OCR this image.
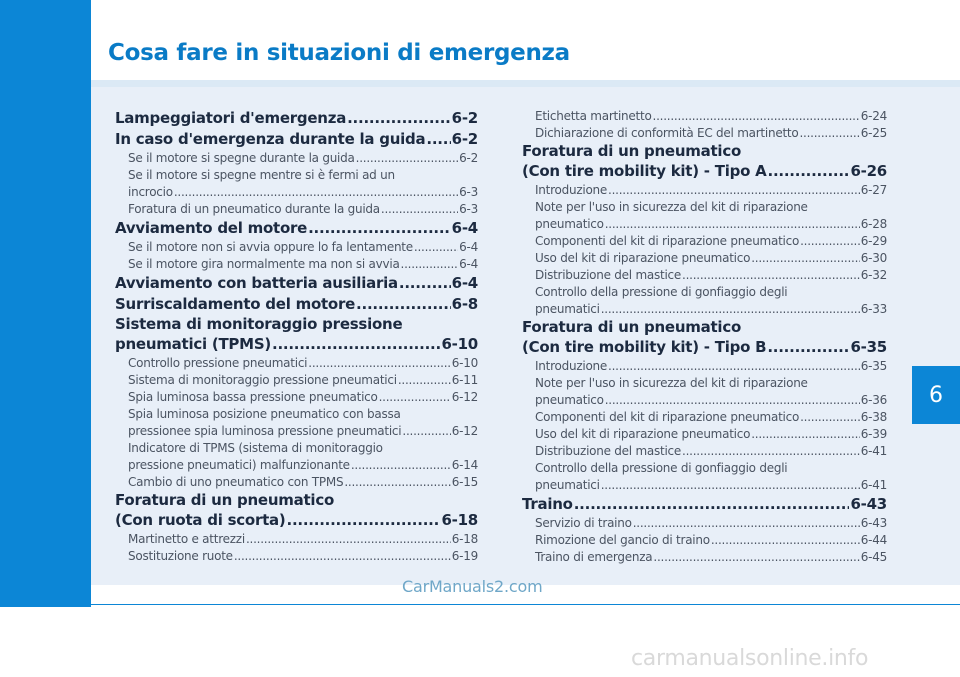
Cosa fare in situazioni di emergenza
6
CarManuals2.com
carmanualsonline.info
Lampeggiatori d'emergenza .....	6-2
In caso d'emergenza durante la guida ..... 6-2
Se il motore si spegne durante la guida .....	6-2
Se il motore si spegne mentre si è fermi ad un
incrocio .....	6-3
Foratura di un pneumatico durante la guida .....	6-3
Avviamento del motore .....	6-4
Se il motore non si avvia oppure lo fa lentamente .....	6-4
Se il motore gira normalmente ma non si avvia .....	6-4
Avviamento con batteria ausiliaria .....	6-4
Surriscaldamento del motore .....	6-8
Sistema di monitoraggio pressione
pneumatici (TPMS) .....	6-10
Controllo pressione pneumatici .....	6-10
Sistema di monitoraggio pressione pneumatici .....	6-11
Spia luminosa bassa pressione pneumatico .....	6-12
Spia luminosa posizione pneumatico con bassa
pressionee spia luminosa pressione pneumatici .....	6-12
Indicatore di TPMS (sistema di monitoraggio
pressione pneumatici) malfunzionante .....	6-14
Cambio di uno pneumatico con TPMS .....	6-15
Foratura di un pneumatico
(Con ruota di scorta) .....	6-18
Martinetto e attrezzi .....	6-18
Sostituzione ruote .....	6-19
Etichetta martinetto .....	6-24
Dichiarazione di conformità EC del martinetto .....	6-25
Foratura di un pneumatico
(Con tire mobility kit) - Tipo A .....	6-26
Introduzione .....	6-27
Note per l'uso in sicurezza del kit di riparazione
pneumatico .....	6-28
Componenti del kit di riparazione pneumatico .....	6-29
Uso del kit di riparazione pneumatico .....	6-30
Distribuzione del mastice .....	6-32
Controllo della pressione di gonfiaggio degli
pneumatici .....	6-33
Foratura di un pneumatico
(Con tire mobility kit) - Tipo B .....	6-35
Introduzione .....	6-35
Note per l'uso in sicurezza del kit di riparazione
pneumatico .....	6-36
Componenti del kit di riparazione pneumatico .....	6-38
Uso del kit di riparazione pneumatico .....	6-39
Distribuzione del mastice .....	6-41
Controllo della pressione di gonfiaggio degli
pneumatici .....	6-41
Traino .....	6-43
Servizio di traino .....	6-43
Rimozione del gancio di traino .....	6-44
Traino di emergenza .....	6-45
